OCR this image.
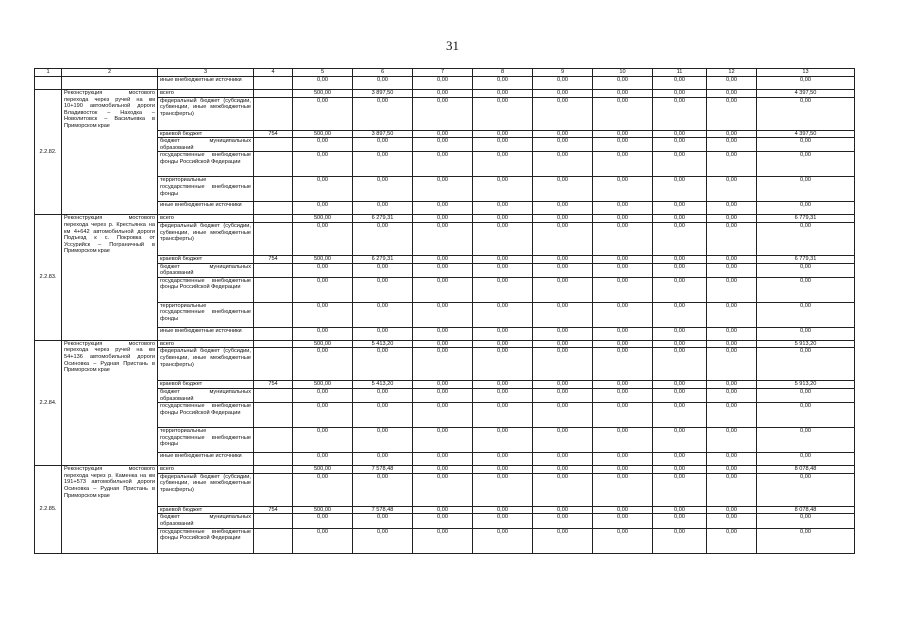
31
1	2	3	4	5	6	7	8	9	10	11	12	13
		иные внебюджетные источники		0,00	0,00	0,00	0,00	0,00	0,00	0,00	0,00	0,00
2.2.82.	Реконструкция мостового перехода через ручей на км 10+190 автомобильной дороги Владивосток – Находка – Новолитовск – Васильевка в Приморском крае	всего		500,00	3 897,50	0,00	0,00	0,00	0,00	0,00	0,00	4 397,50
		федеральный бюджет (субсидии, субвенции, иные межбюджетные трансферты)		0,00	0,00	0,00	0,00	0,00	0,00	0,00	0,00	0,00
		краевой бюджет	754	500,00	3 897,50	0,00	0,00	0,00	0,00	0,00	0,00	4 397,50
		бюджет муниципальных образований		0,00	0,00	0,00	0,00	0,00	0,00	0,00	0,00	0,00
		государственные внебюджетные фонды Российской Федерации		0,00	0,00	0,00	0,00	0,00	0,00	0,00	0,00	0,00
		территориальные государственные внебюджетные фонды		0,00	0,00	0,00	0,00	0,00	0,00	0,00	0,00	0,00
		иные внебюджетные источники		0,00	0,00	0,00	0,00	0,00	0,00	0,00	0,00	0,00
2.2.83.	Реконструкция мостового перехода через р. Крестьянка на км 4+642 автомобильной дороги Подъезд к с. Покровка от Уссурийск – Пограничный в Приморском крае	всего		500,00	6 279,31	0,00	0,00	0,00	0,00	0,00	0,00	6 779,31
		федеральный бюджет (субсидии, субвенции, иные межбюджетные трансферты)		0,00	0,00	0,00	0,00	0,00	0,00	0,00	0,00	0,00
		краевой бюджет	754	500,00	6 279,31	0,00	0,00	0,00	0,00	0,00	0,00	6 779,31
		бюджет муниципальных образований		0,00	0,00	0,00	0,00	0,00	0,00	0,00	0,00	0,00
		государственные внебюджетные фонды Российской Федерации		0,00	0,00	0,00	0,00	0,00	0,00	0,00	0,00	0,00
		территориальные государственные внебюджетные фонды		0,00	0,00	0,00	0,00	0,00	0,00	0,00	0,00	0,00
		иные внебюджетные источники		0,00	0,00	0,00	0,00	0,00	0,00	0,00	0,00	0,00
2.2.84.	Реконструкция мостового перехода через ручей на км 54+136 автомобильной дороги Осиновка – Рудная Пристань в Приморском крае	всего		500,00	5 413,20	0,00	0,00	0,00	0,00	0,00	0,00	5 913,20
		федеральный бюджет (субсидии, субвенции, иные межбюджетные трансферты)		0,00	0,00	0,00	0,00	0,00	0,00	0,00	0,00	0,00
		краевой бюджет	754	500,00	5 413,20	0,00	0,00	0,00	0,00	0,00	0,00	5 913,20
		бюджет муниципальных образований		0,00	0,00	0,00	0,00	0,00	0,00	0,00	0,00	0,00
		государственные внебюджетные фонды Российской Федерации		0,00	0,00	0,00	0,00	0,00	0,00	0,00	0,00	0,00
		территориальные государственные внебюджетные фонды		0,00	0,00	0,00	0,00	0,00	0,00	0,00	0,00	0,00
		иные внебюджетные источники		0,00	0,00	0,00	0,00	0,00	0,00	0,00	0,00	0,00
2.2.85.	Реконструкция мостового перехода через р. Каменка на км 191+573 автомобильной дороги Осиновка – Рудная Пристань в Приморском крае	всего		500,00	7 578,48	0,00	0,00	0,00	0,00	0,00	0,00	8 078,48
		федеральный бюджет (субсидии, субвенции, иные межбюджетные трансферты)		0,00	0,00	0,00	0,00	0,00	0,00	0,00	0,00	0,00
		краевой бюджет	754	500,00	7 578,48	0,00	0,00	0,00	0,00	0,00	0,00	8 078,48
		бюджет муниципальных образований		0,00	0,00	0,00	0,00	0,00	0,00	0,00	0,00	0,00
		государственные внебюджетные фонды Российской Федерации		0,00	0,00	0,00	0,00	0,00	0,00	0,00	0,00	0,00
